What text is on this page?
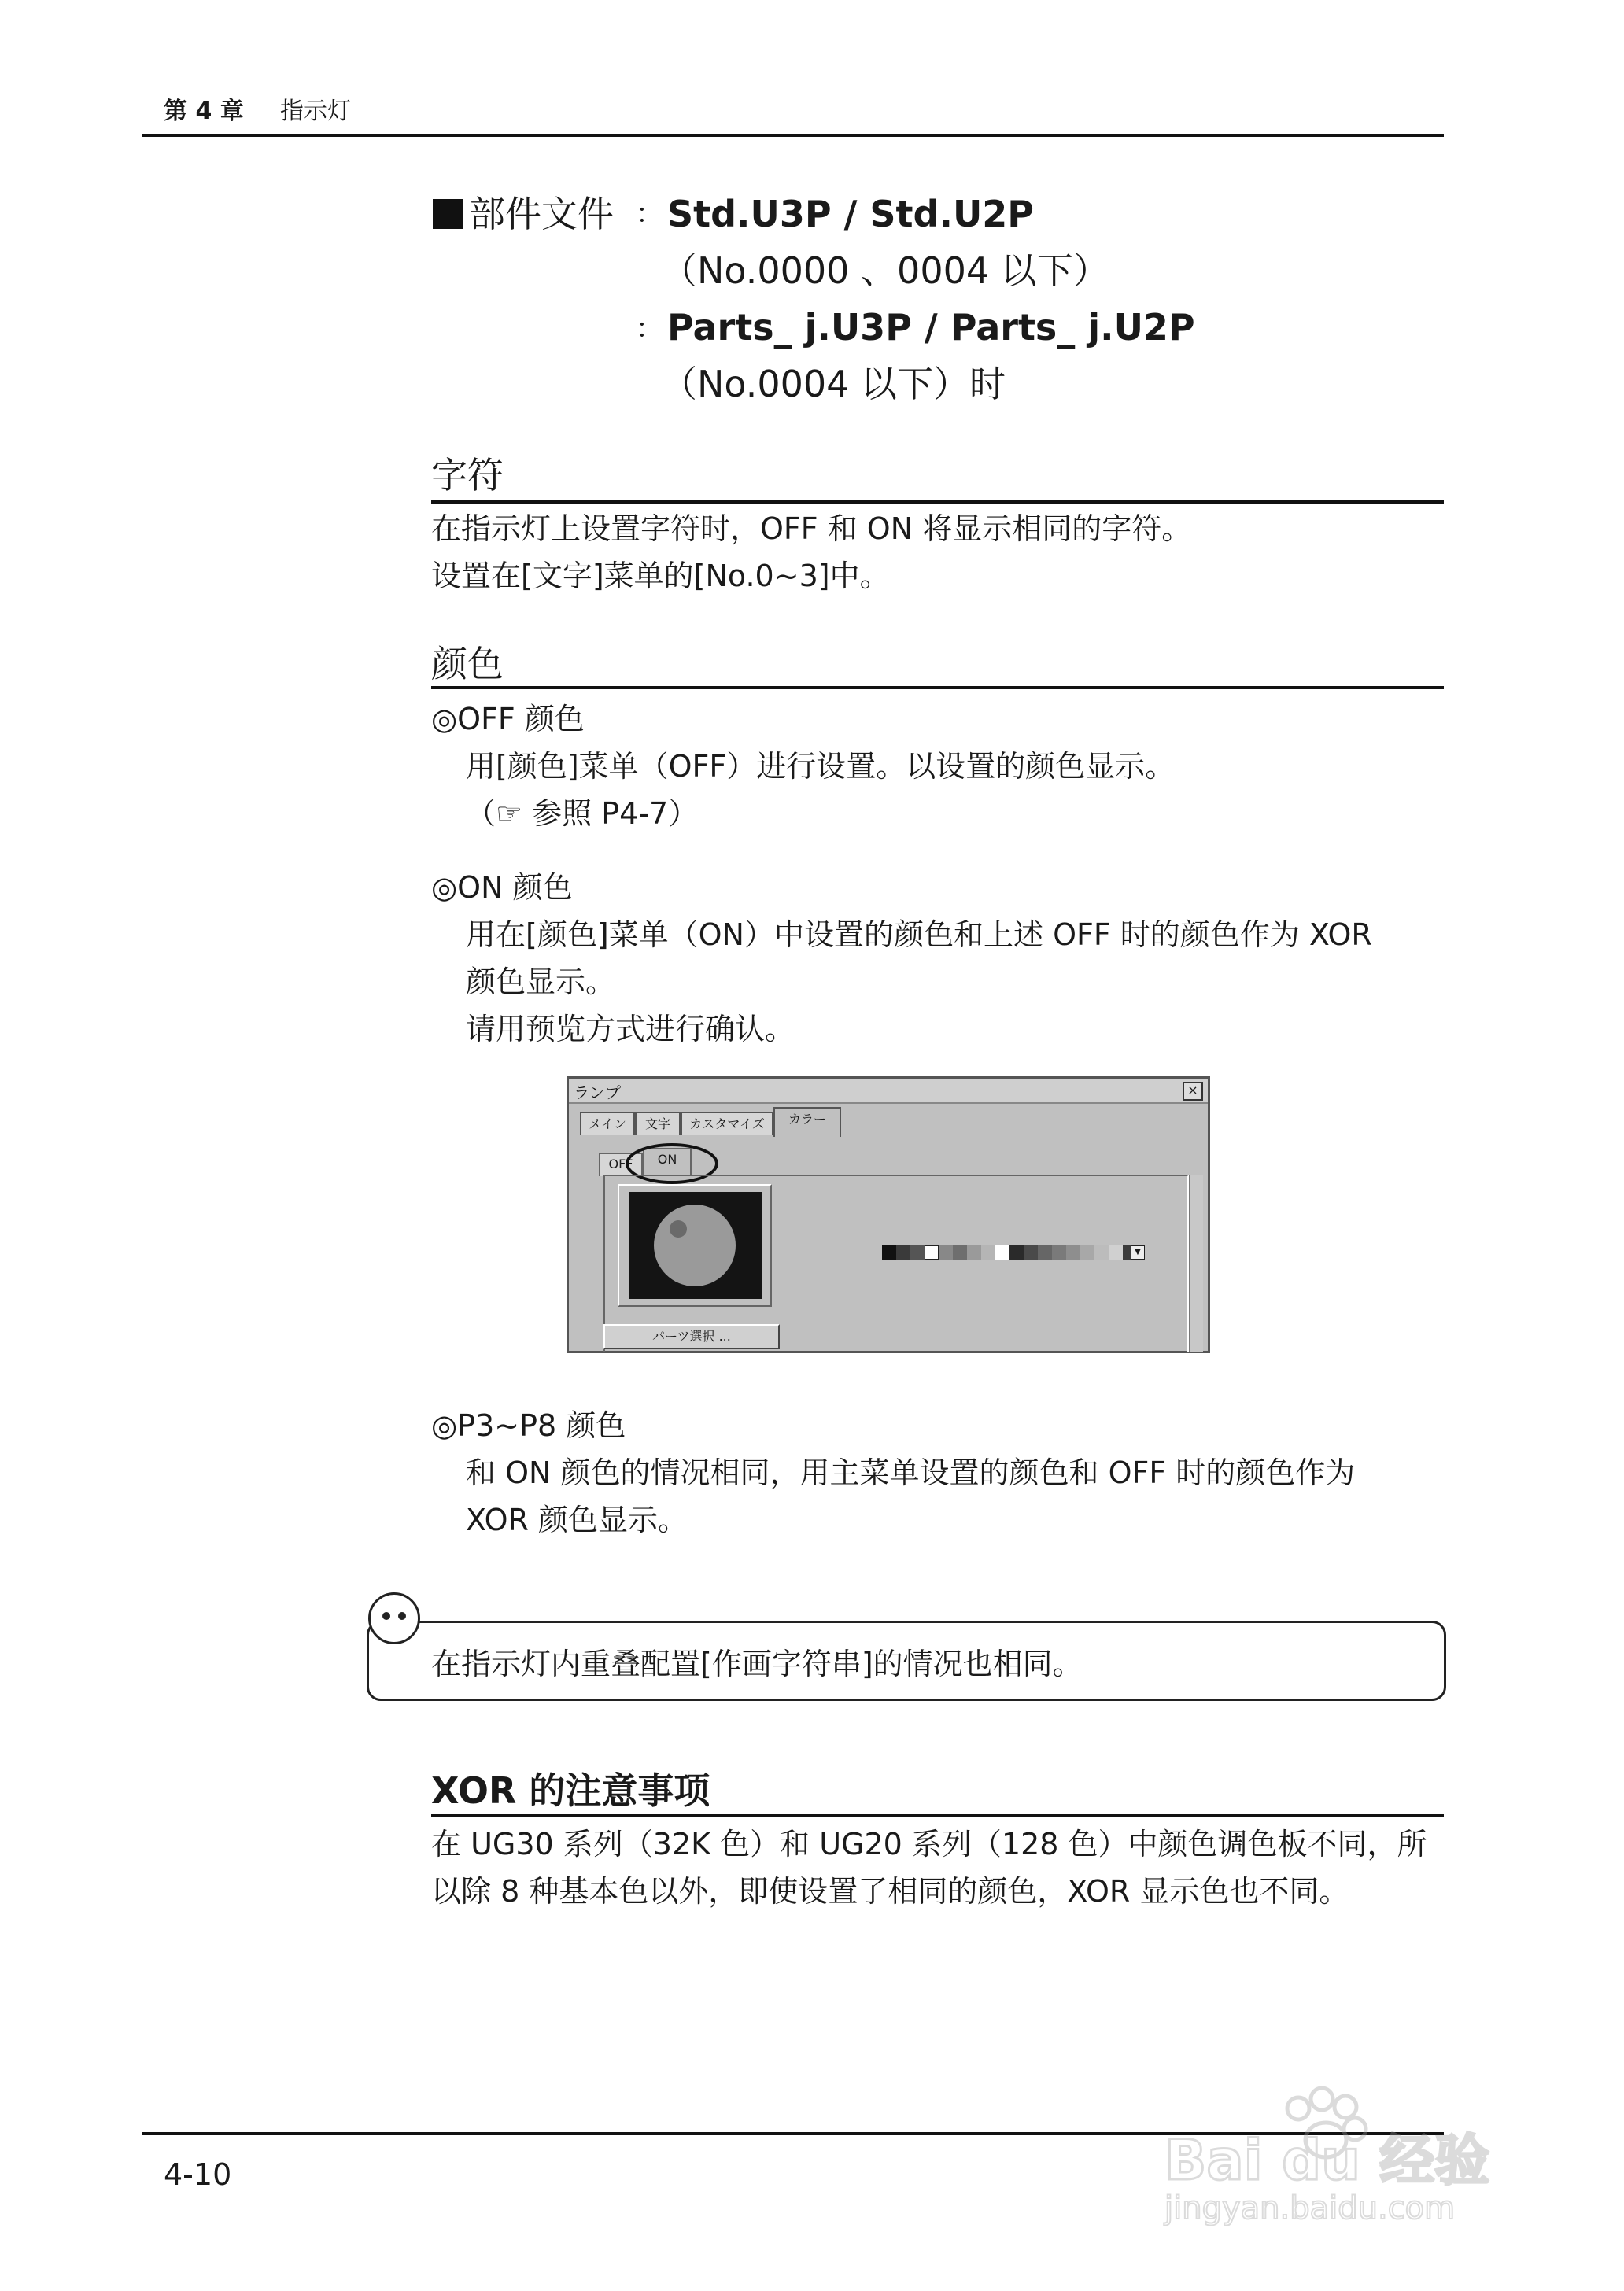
第 4 章 指示灯
部件文件 ：
：
Std.U3P / Std.U2P
（No.0000 、0004 以下）
Parts_ j.U3P / Parts_ j.U2P
（No.0004 以下）时
字符
在指示灯上设置字符时，OFF 和 ON 将显示相同的字符。
设置在[文字]菜单的[No.0~3]中。
颜色
◎OFF 颜色
用[颜色]菜单（OFF）进行设置。以设置的颜色显示。
（☞ 参照 P4-7）
◎ON 颜色
用在[颜色]菜单（ON）中设置的颜色和上述 OFF 时的颜色作为 XOR
颜色显示。
请用预览方式进行确认。
ランプ	×
メイン	文字	カスタマイズ	カラー
OFF	ON
▼
パーツ選択 ...
◎P3~P8 颜色
和 ON 颜色的情况相同，用主菜单设置的颜色和 OFF 时的颜色作为
XOR 颜色显示。
在指示灯内重叠配置[作画字符串]的情况也相同。
XOR 的注意事项
在 UG30 系列（32K 色）和 UG20 系列（128 色）中颜色调色板不同，所
以除 8 种基本色以外，即使设置了相同的颜色，XOR 显示色也不同。
4-10	Bai du 经验
jingyan.baidu.com
